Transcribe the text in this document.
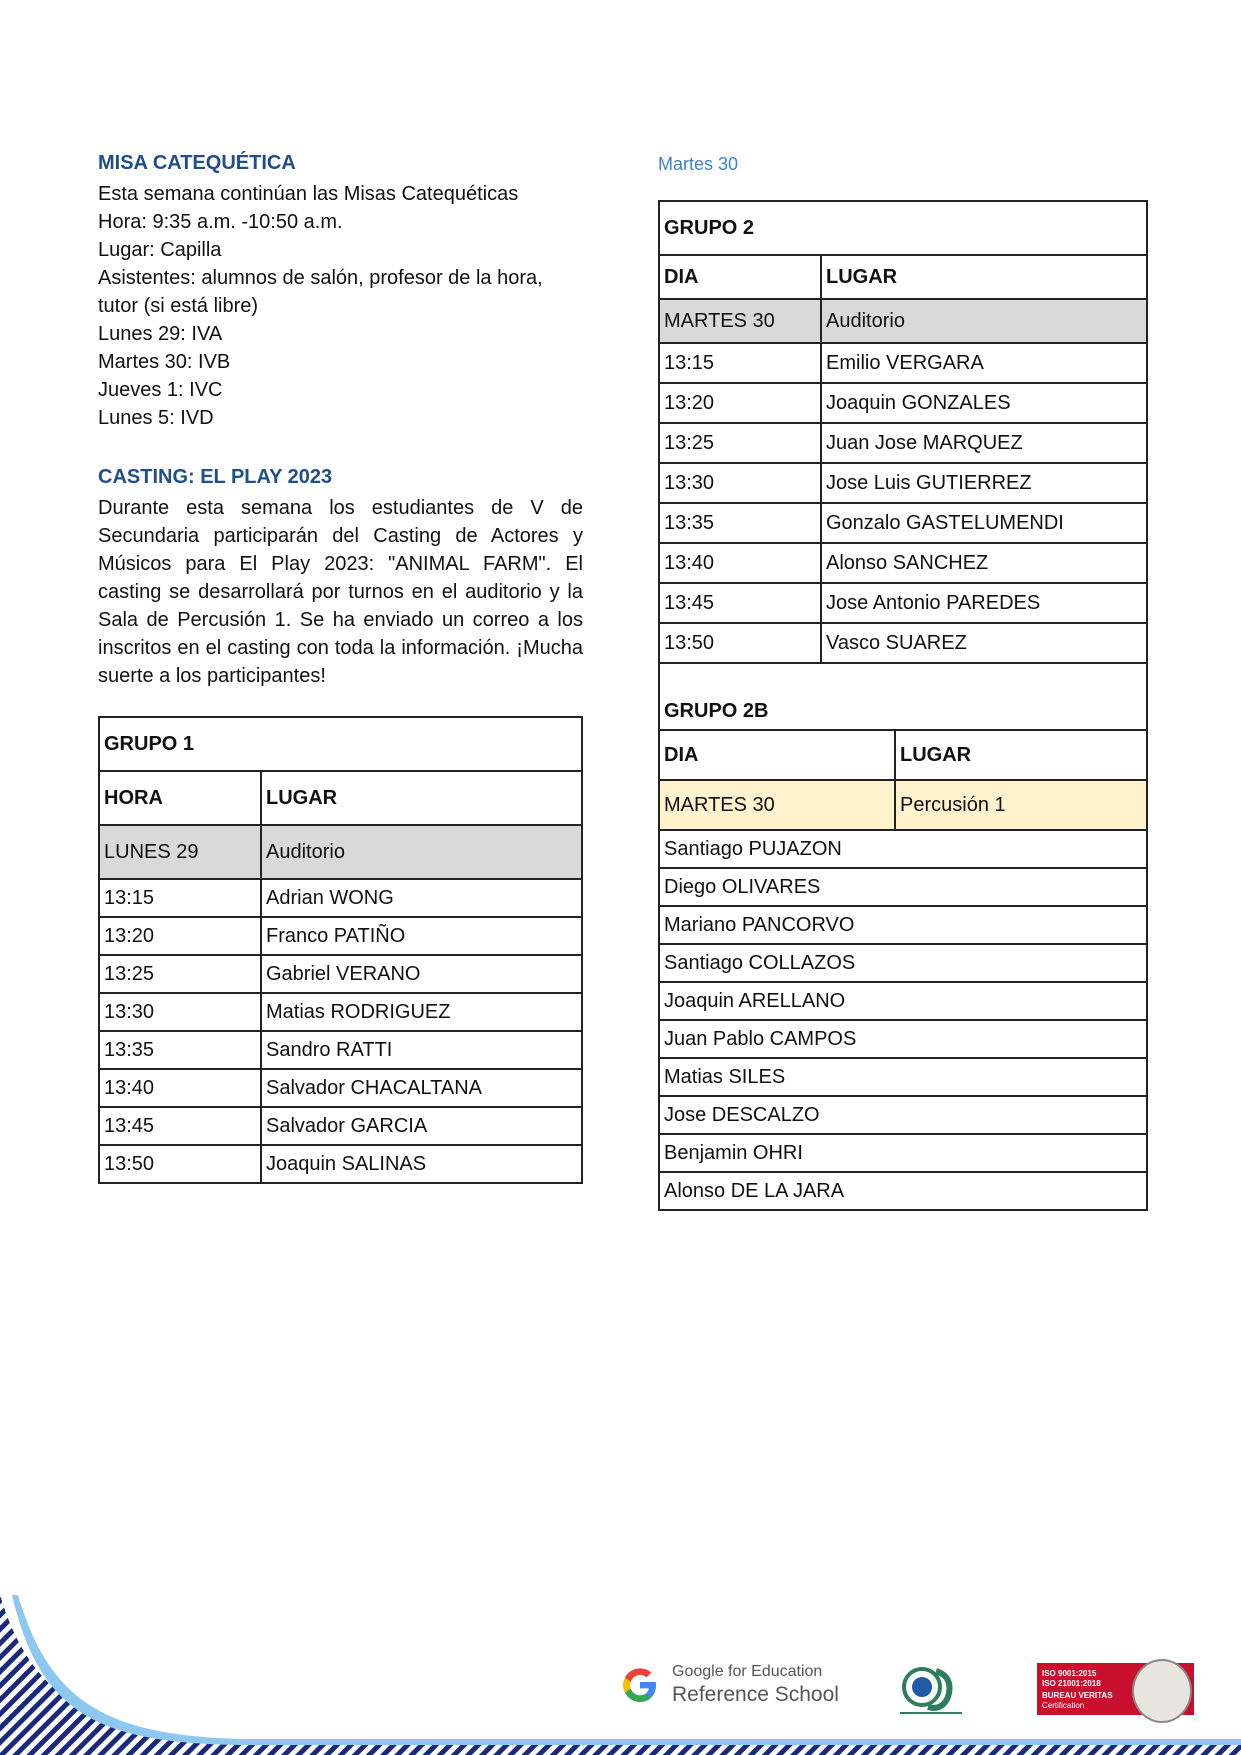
MISA CATEQUÉTICA
Esta semana continúan las Misas Catequéticas
Hora: 9:35 a.m. -10:50 a.m.
Lugar: Capilla
Asistentes: alumnos de salón, profesor de la hora,
tutor (si está libre)
Lunes 29: IVA
Martes 30: IVB
Jueves 1: IVC
Lunes 5: IVD
CASTING: EL PLAY 2023
Durante esta semana los estudiantes de V de Secundaria participarán del Casting de Actores y Músicos para El Play 2023: "ANIMAL FARM". El casting se desarrollará por turnos en el auditorio y la Sala de Percusión 1. Se ha enviado un correo a los inscritos en el casting con toda la información. ¡Mucha suerte a los participantes!
GRUPO 1	
HORA	LUGAR
LUNES 29	Auditorio
13:15	Adrian WONG
13:20	Franco PATIÑO
13:25	Gabriel VERANO
13:30	Matias RODRIGUEZ
13:35	Sandro RATTI
13:40	Salvador CHACALTANA
13:45	Salvador GARCIA
13:50	Joaquin SALINAS
Martes 30
GRUPO 2	
DIA	LUGAR
MARTES 30	Auditorio
13:15	Emilio VERGARA
13:20	Joaquin GONZALES
13:25	Juan Jose MARQUEZ
13:30	Jose Luis GUTIERREZ
13:35	Gonzalo GASTELUMENDI
13:40	Alonso SANCHEZ
13:45	Jose Antonio PAREDES
13:50	Vasco SUAREZ
GRUPO 2B	
DIA	LUGAR
MARTES 30	Percusión 1
Santiago PUJAZON	
Diego OLIVARES	
Mariano PANCORVO	
Santiago COLLAZOS	
Joaquin ARELLANO	
Juan Pablo CAMPOS	
Matias SILES	
Jose DESCALZO	
Benjamin OHRI	
Alonso DE LA JARA	
Google for Education
Reference School
ISO 9001:2015
ISO 21001:2018
BUREAU VERITAS
Certification
